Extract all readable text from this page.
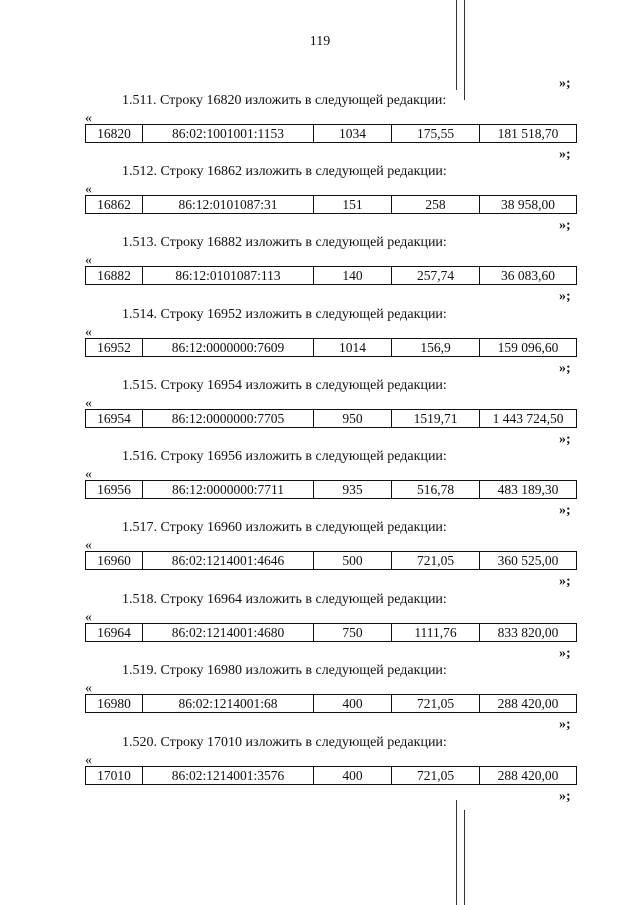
119
»;
1.511. Строку 16820 изложить в следующей редакции:
«
16820	86:02:1001001:1153	1034	175,55	181 518,70
»;
1.512. Строку 16862 изложить в следующей редакции:
«
16862	86:12:0101087:31	151	258	38 958,00
»;
1.513. Строку 16882 изложить в следующей редакции:
«
16882	86:12:0101087:113	140	257,74	36 083,60
»;
1.514. Строку 16952 изложить в следующей редакции:
«
16952	86:12:0000000:7609	1014	156,9	159 096,60
»;
1.515. Строку 16954 изложить в следующей редакции:
«
16954	86:12:0000000:7705	950	1519,71	1 443 724,50
»;
1.516. Строку 16956 изложить в следующей редакции:
«
16956	86:12:0000000:7711	935	516,78	483 189,30
»;
1.517. Строку 16960 изложить в следующей редакции:
«
16960	86:02:1214001:4646	500	721,05	360 525,00
»;
1.518. Строку 16964 изложить в следующей редакции:
«
16964	86:02:1214001:4680	750	1111,76	833 820,00
»;
1.519. Строку 16980 изложить в следующей редакции:
«
16980	86:02:1214001:68	400	721,05	288 420,00
»;
1.520. Строку 17010 изложить в следующей редакции:
«
17010	86:02:1214001:3576	400	721,05	288 420,00
»;
